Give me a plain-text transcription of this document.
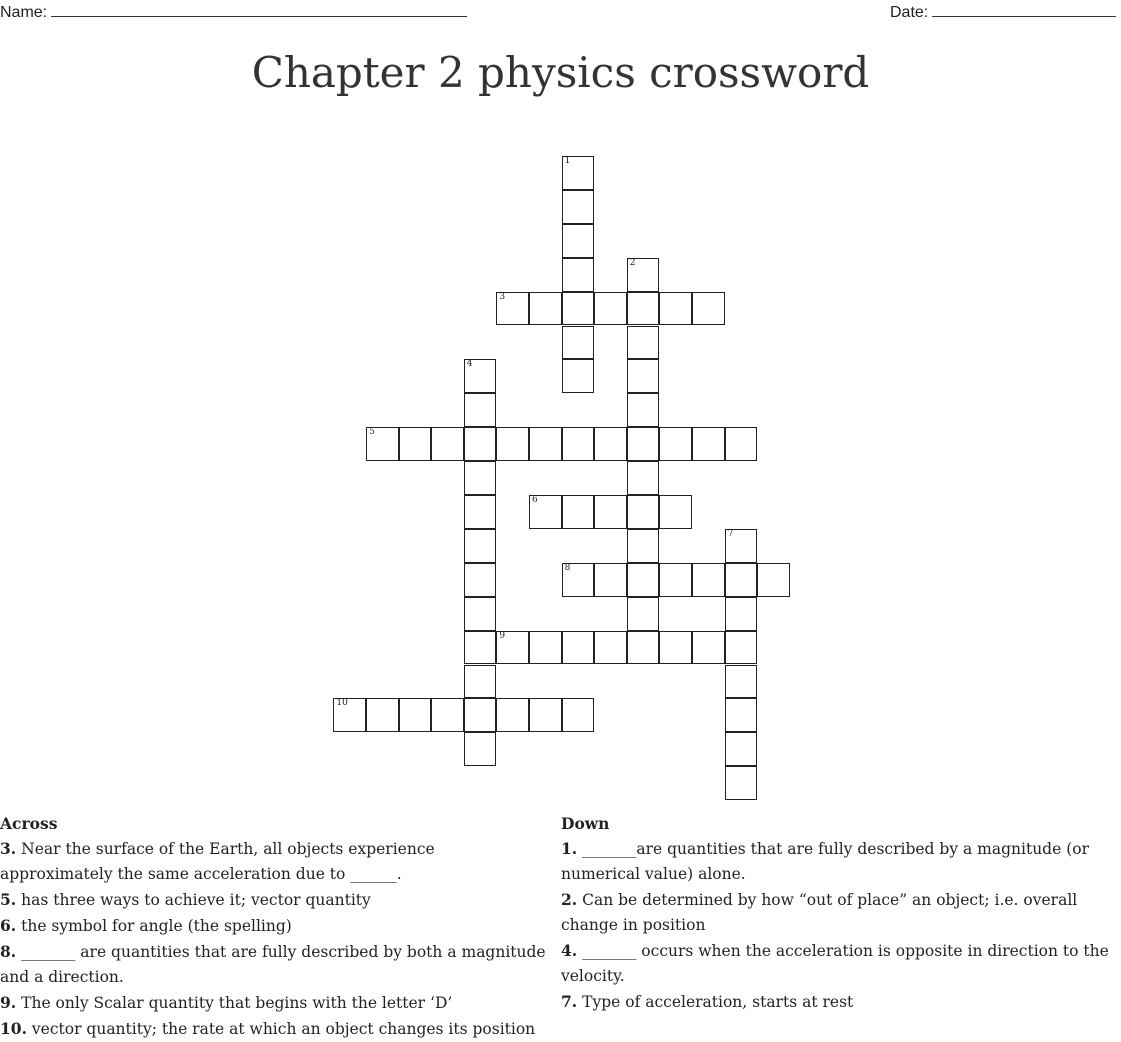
Name:	Date:
Chapter 2 physics crossword
1
2
3
4
5
6
7
8
9
10
Across

3. Near the surface of the Earth, all objects experience approximately the same acceleration due to ______.

5. has three ways to achieve it; vector quantity

6. the symbol for angle (the spelling)

8. _______ are quantities that are fully described by both a magnitude and a direction.

9. The only Scalar quantity that begins with the letter ‘D’

10. vector quantity; the rate at which an object changes its position

Down

1. _______are quantities that are fully described by a magnitude (or numerical value) alone.

2. Can be determined by how “out of place” an object; i.e. overall change in position

4. _______ occurs when the acceleration is opposite in direction to the velocity.

7. Type of acceleration, starts at rest
